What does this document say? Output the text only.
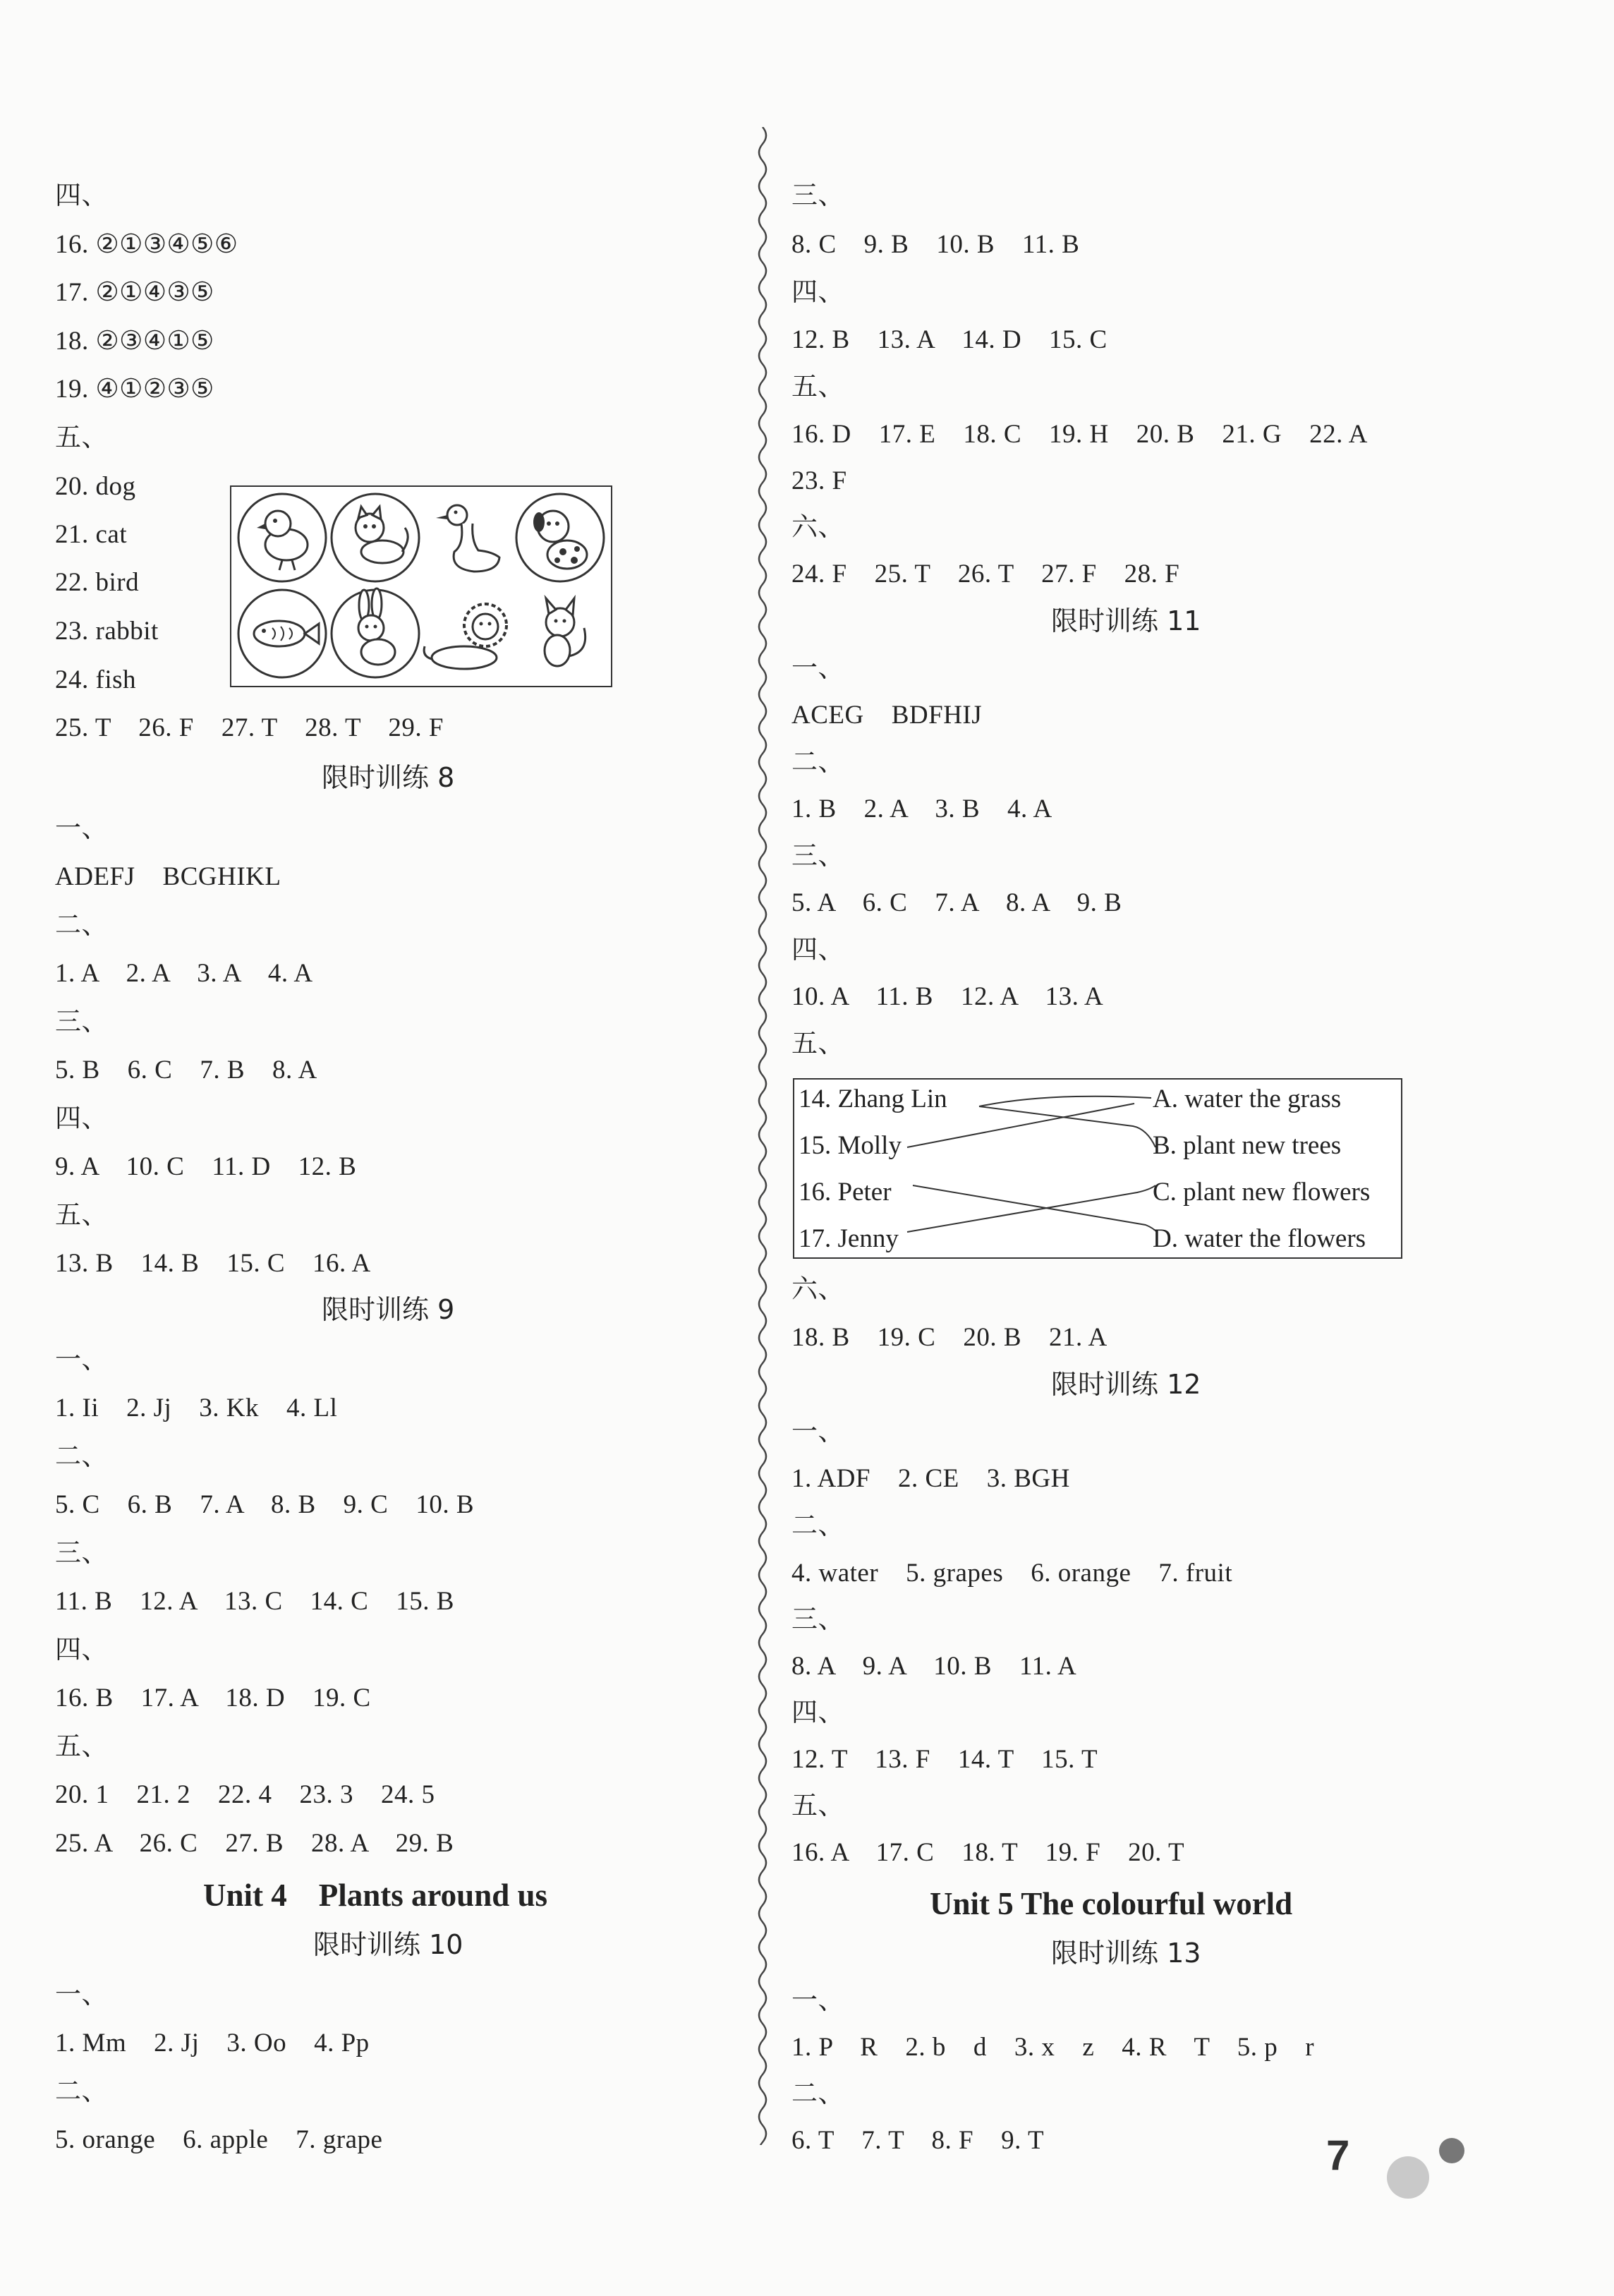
四、
16. ②①③④⑤⑥
17. ②①④③⑤
18. ②③④①⑤
19. ④①②③⑤
五、
20. dog
21. cat
22. bird
23. rabbit
24. fish
25. T    26. F    27. T    28. T    29. F
限时训练 8
一、
ADEFJ    BCGHIKL
二、
1. A    2. A    3. A    4. A
三、
5. B    6. C    7. B    8. A
四、
9. A    10. C    11. D    12. B
五、
13. B    14. B    15. C    16. A
限时训练 9
一、
1. Ii    2. Jj    3. Kk    4. Ll
二、
5. C    6. B    7. A    8. B    9. C    10. B
三、
11. B    12. A    13. C    14. C    15. B
四、
16. B    17. A    18. D    19. C
五、
20. 1    21. 2    22. 4    23. 3    24. 5
25. A    26. C    27. B    28. A    29. B
Unit 4    Plants around us
限时训练 10
一、
1. Mm    2. Jj    3. Oo    4. Pp
二、
5. orange    6. apple    7. grape
三、
8. C    9. B    10. B    11. B
四、
12. B    13. A    14. D    15. C
五、
16. D    17. E    18. C    19. H    20. B    21. G    22. A
23. F
六、
24. F    25. T    26. T    27. F    28. F
限时训练 11
一、
ACEG    BDFHIJ
二、
1. B    2. A    3. B    4. A
三、
5. A    6. C    7. A    8. A    9. B
四、
10. A    11. B    12. A    13. A
五、
14. Zhang Lin
15. Molly
16. Peter
17. Jenny
A. water the grass
B. plant new trees
C. plant new flowers
D. water the flowers
六、
18. B    19. C    20. B    21. A
限时训练 12
一、
1. ADF    2. CE    3. BGH
二、
4. water    5. grapes    6. orange    7. fruit
三、
8. A    9. A    10. B    11. A
四、
12. T    13. F    14. T    15. T
五、
16. A    17. C    18. T    19. F    20. T
Unit 5 The colourful world
限时训练 13
一、
1. P    R    2. b    d    3. x    z    4. R    T    5. p    r
二、
6. T    7. T    8. F    9. T	7
